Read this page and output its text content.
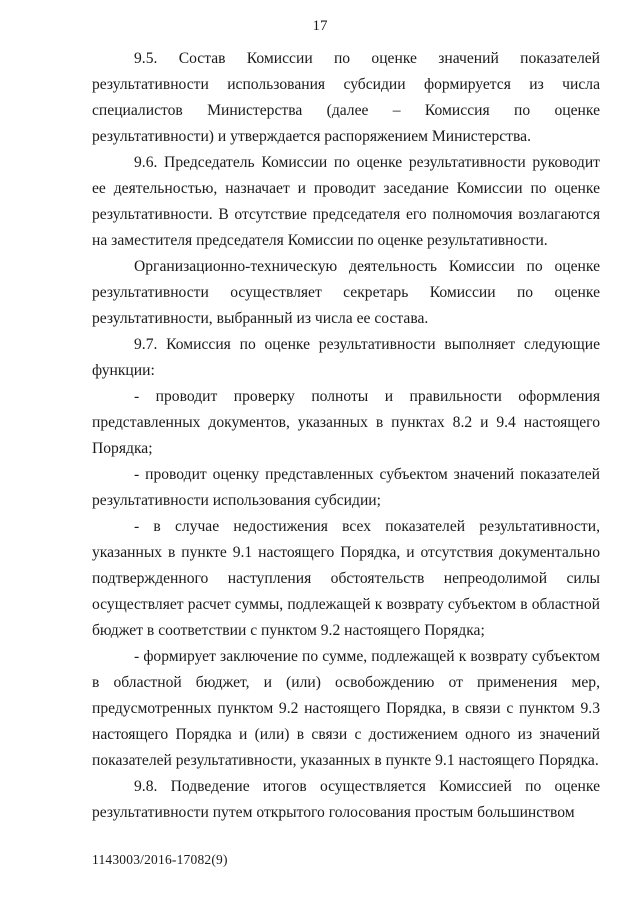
17

9.5. Состав Комиссии по оценке значений показателей результативности использования субсидии формируется из числа специалистов Министерства (далее – Комиссия по оценке результативности) и утверждается распоряжением Министерства.

9.6. Председатель Комиссии по оценке результативности руководит ее деятельностью, назначает и проводит заседание Комиссии по оценке результативности. В отсутствие председателя его полномочия возлагаются на заместителя председателя Комиссии по оценке результативности.

Организационно-техническую деятельность Комиссии по оценке результативности осуществляет секретарь Комиссии по оценке результативности, выбранный из числа ее состава.

9.7. Комиссия по оценке результативности выполняет следующие функции:

- проводит проверку полноты и правильности оформления представленных документов, указанных в пунктах 8.2 и 9.4 настоящего Порядка;

- проводит оценку представленных субъектом значений показателей результативности использования субсидии;

- в случае недостижения всех показателей результативности, указанных в пункте 9.1 настоящего Порядка, и отсутствия документально подтвержденного наступления обстоятельств непреодолимой силы осуществляет расчет суммы, подлежащей к возврату субъектом в областной бюджет в соответствии с пунктом 9.2 настоящего Порядка;

- формирует заключение по сумме, подлежащей к возврату субъектом в областной бюджет, и (или) освобождению от применения мер, предусмотренных пунктом 9.2 настоящего Порядка, в связи с пунктом 9.3 настоящего Порядка и (или) в связи с достижением одного из значений показателей результативности, указанных в пункте 9.1 настоящего Порядка.

9.8. Подведение итогов осуществляется Комиссией по оценке результативности путем открытого голосования простым большинством

1143003/2016-17082(9)
